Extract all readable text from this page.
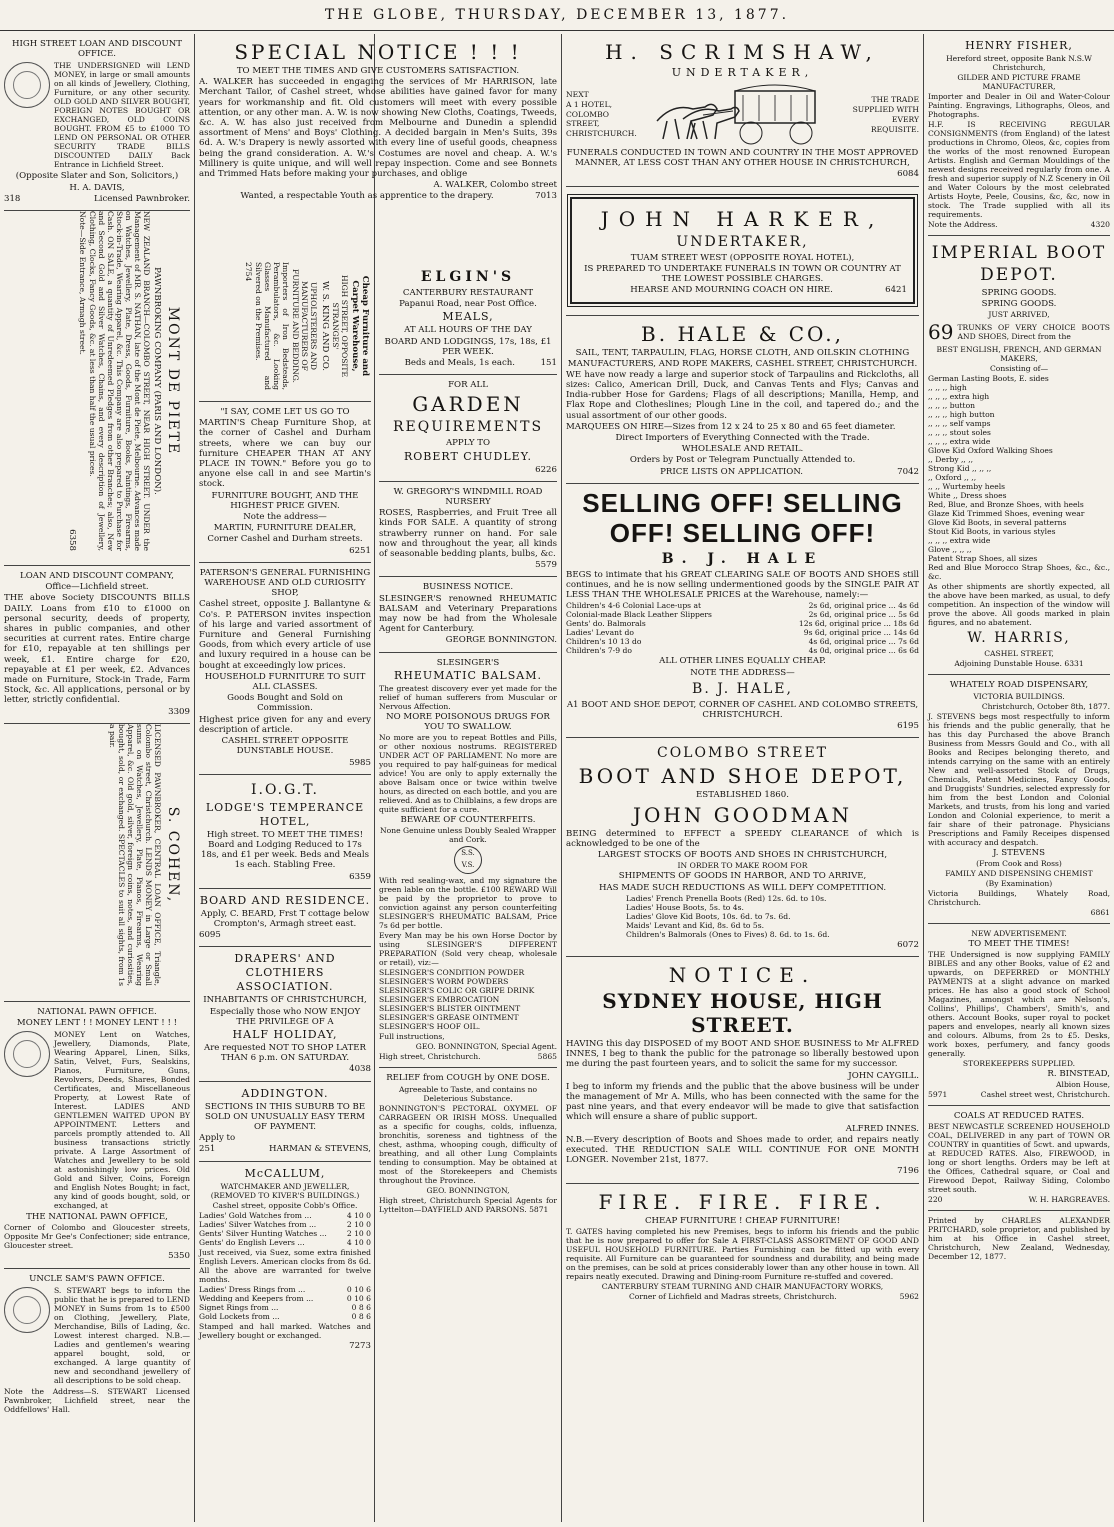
THE GLOBE, THURSDAY, DECEMBER 13, 1877.

HIGH STREET LOAN AND DISCOUNT OFFICE.

THE UNDERSIGNED will LEND MONEY, in large or small amounts on all kinds of Jewellery, Clothing, Furniture, or any other security. OLD GOLD AND SILVER BOUGHT, FOREIGN NOTES BOUGHT OR EXCHANGED, OLD COINS BOUGHT. FROM £5 to £1000 TO LEND ON PERSONAL OR OTHER SECURITY TRADE BILLS DISCOUNTED DAILY Back Entrance in Lichfield Street.

(Opposite Slater and Son, Solicitors,)

H. A. DAVIS,

318	Licensed Pawnbroker.

MONT DE PIETE

PAWNBROKING COMPANY (PARIS AND LONDON).

NEW ZEALAND BRANCH—COLOMBO STREET, NEAR HIGH STREET. UNDER the Management of MR. S. NATHAN, late of the Mont de Piete, Melbourne. Advances made on Watches, Jewellery, Plate, Dress, Goods, Furniture, Books, Paintings, Firearms, Stock-in-Trade, Wearing Apparel, &c. This Company are also prepared to Purchase for Cash. ON SALE, a quantity of Unredeemed Pledges from other Branches; also, New and Second Gold and Silver Watches, Chains, and every description of Jewellery, Clothing, Clocks, Fancy Goods, &c. at less than half the usual prices.

Note—Side Entrance, Armagh street.

6358

LOAN AND DISCOUNT COMPANY,

Office—Lichfield street.

THE above Society DISCOUNTS BILLS DAILY. Loans from £10 to £1000 on personal security, deeds of property, shares in public companies, and other securities at current rates. Entire charge for £10, repayable at ten shillings per week, £1. Entire charge for £20, repayable at £1 per week, £2. Advances made on Furniture, Stock-in Trade, Farm Stock, &c. All applications, personal or by letter, strictly confidential.

3309

S. COHEN,

LICENSED PAWNBROKER, CENTRAL LOAN OFFICE, Triangle, Colombo street, Christchurch. LENDS MONEY in Large or Small sums on Watches, Jewellery, Plate, Pianos, Firearms, Wearing Apparel, &c. Old gold, silver, foreign coins, notes, and curiosities, bought, sold, or exchanged. SPECTACLES to suit all sights, from 1s a pair.

NATIONAL PAWN OFFICE.

MONEY LENT ! ! MONEY LENT ! ! !

MONEY Lent on Watches, Jewellery, Diamonds, Plate, Wearing Apparel, Linen, Silks, Satin, Velvet, Furs, Sealskins, Pianos, Furniture, Guns, Revolvers, Deeds, Shares, Bonded Certificates, and Miscellaneous Property, at Lowest Rate of Interest. LADIES AND GENTLEMEN WAITED UPON BY APPOINTMENT. Letters and parcels promptly attended to. All business transactions strictly private. A Large Assortment of Watches and Jewellery to be sold at astonishingly low prices. Old Gold and Silver, Coins, Foreign and English Notes Bought; in fact, any kind of goods bought, sold, or exchanged, at

THE NATIONAL PAWN OFFICE,

Corner of Colombo and Gloucester streets, Opposite Mr Gee's Confectioner; side entrance, Gloucester street.

5350

UNCLE SAM'S PAWN OFFICE.

S. STEWART begs to inform the public that he is prepared to LEND MONEY in Sums from 1s to £500 on Clothing, Jewellery, Plate, Merchandise, Bills of Lading, &c. Lowest interest charged. N.B.—Ladies and gentlemen's wearing apparel bought, sold, or exchanged. A large quantity of new and secondhand jewellery of all descriptions to be sold cheap.

Note the Address—S. STEWART Licensed Pawnbroker, Lichfield street, near the Oddfellows' Hall.

SPECIAL NOTICE ! ! !

TO MEET THE TIMES AND GIVE CUSTOMERS SATISFACTION.

A. WALKER has succeeded in engaging the services of Mr HARRISON, late Merchant Tailor, of Cashel street, whose abilities have gained favor for many years for workmanship and fit. Old customers will meet with every possible attention, or any other man. A. W. is now showing New Cloths, Coatings, Tweeds, &c. A. W. has also just received from Melbourne and Dunedin a splendid assortment of Mens' and Boys' Clothing. A decided bargain in Men's Suits, 39s 6d. A. W.'s Drapery is newly assorted with every line of useful goods, cheapness being the grand consideration. A. W.'s Costumes are novel and cheap. A. W.'s Millinery is quite unique, and will well repay inspection. Come and see Bonnets and Trimmed Hats before making your purchases, and oblige

A. WALKER, Colombo street

Wanted, a respectable Youth as apprentice to the drapery.	7013

Cheap Furniture and Carpet Warehouse,

HIGH STREET, OPPOSITE STRANGES'

W. S. KING AND CO.

UPHOLSTERERS AND MANUFACTURERS OF FURNITURE AND BEDDING.

Importers of Iron Bedsteads, Perambulators, &c. Looking Glasses Manufactured and Silvered on the Premises.

2754

"I SAY, COME LET US GO TO

MARTIN'S Cheap Furniture Shop, at the corner of Cashel and Durham streets, where we can buy our furniture CHEAPER THAN AT ANY PLACE IN TOWN." Before you go to anyone else call in and see Martin's stock.

FURNITURE BOUGHT, AND THE HIGHEST PRICE GIVEN.

Note the address—

MARTIN, FURNITURE DEALER,

Corner Cashel and Durham streets.

6251

PATERSON'S GENERAL FURNISHING WAREHOUSE AND OLD CURIOSITY SHOP,

Cashel street, opposite J. Ballantyne & Co's. P. PATERSON invites inspection of his large and varied assortment of Furniture and General Furnishing Goods, from which every article of use and luxury required in a house can be bought at exceedingly low prices.

HOUSEHOLD FURNITURE TO SUIT ALL CLASSES.

Goods Bought and Sold on Commission.

Highest price given for any and every description of article.

CASHEL STREET OPPOSITE DUNSTABLE HOUSE.

5985

I.O.G.T.
LODGE'S TEMPERANCE HOTEL,

High street. TO MEET THE TIMES! Board and Lodging Reduced to 17s 18s, and £1 per week. Beds and Meals 1s each. Stabling Free.

6359

BOARD AND RESIDENCE.

Apply, C. BEARD, Frst T cottage below Crompton's, Armagh street east.

6095

DRAPERS' AND CLOTHIERS ASSOCIATION.

INHABITANTS OF CHRISTCHURCH,

Especially those who NOW ENJOY THE PRIVILEGE OF A

HALF HOLIDAY,

Are requested NOT TO SHOP LATER THAN 6 p.m. ON SATURDAY.

4038

ADDINGTON.

SECTIONS IN THIS SUBURB TO BE SOLD ON UNUSUALLY EASY TERM OF PAYMENT.

Apply to

251	HARMAN & STEVENS,

McCALLUM,

WATCHMAKER AND JEWELLER, (REMOVED TO KIVER'S BUILDINGS.)

Cashel street, opposite Cobb's Office.

Ladies' Gold Watches from ...	4 10 0

Ladies' Silver Watches from ...	2 10 0

Gents' Silver Hunting Watches ...	2 10 0

Gents' do English Levers ...	4 10 0

Just received, via Suez, some extra finished English Levers. American clocks from 8s 6d. All the above are warranted for twelve months.

Ladies' Dress Rings from ...	0 10 6

Wedding and Keepers from ...	0 10 6

Signet Rings from ...	0 8 6

Gold Lockets from ...	0 8 6

Stamped and hall marked. Watches and Jewellery bought or exchanged.

7273

ELGIN'S

CANTERBURY RESTAURANT

Papanui Road, near Post Office.

MEALS,

AT ALL HOURS OF THE DAY

BOARD AND LODGINGS, 17s, 18s, £1 PER WEEK.

Beds and Meals, 1s each.	151

FOR ALL

GARDEN
REQUIREMENTS

APPLY TO

ROBERT CHUDLEY.

6226

W. GREGORY'S WINDMILL ROAD NURSERY

ROSES, Raspberries, and Fruit Tree all kinds FOR SALE. A quantity of strong strawberry runner on hand. For sale now and throughout the year, all kinds of seasonable bedding plants, bulbs, &c.

5579

BUSINESS NOTICE.

SLESINGER'S renowned RHEUMATIC BALSAM and Veterinary Preparations may now be had from the Wholesale Agent for Canterbury.

GEORGE BONNINGTON.

SLESINGER'S

RHEUMATIC BALSAM.

The greatest discovery ever yet made for the relief of human sufferers from Muscular or Nervous Affection.

NO MORE POISONOUS DRUGS FOR YOU TO SWALLOW.

No more are you to repeat Bottles and Pills, or other noxious nostrums. REGISTERED UNDER ACT OF PARLIAMENT. No more are you required to pay half-guineas for medical advice! You are only to apply externally the above Balsam once or twice within twelve hours, as directed on each bottle, and you are relieved. And as to Chilblains, a few drops are quite sufficient for a cure.

BEWARE OF COUNTERFEITS.

None Genuine unless Doubly Sealed Wrapper and Cork.

S.S. V.S.

With red sealing-wax, and my signature the green lable on the bottle. £100 REWARD Will be paid by the proprietor to prove to conviction against any person counterfeiting SLESINGER'S RHEUMATIC BALSAM, Price 7s 6d per bottle.

Every Man may be his own Horse Doctor by using SLESINGER'S DIFFERENT PREPARATION (Sold very cheap, wholesale or retail), viz:—

SLESINGER'S CONDITION POWDER

SLESINGER'S WORM POWDERS

SLESINGER'S COLIC OR GRIPE DRINK

SLESINGER'S EMBROCATION

SLESINGER'S BLISTER OINTMENT

SLESINGER'S GREASE OINTMENT

SLESINGER'S HOOF OIL.

Full instructions,

GEO. BONNINGTON, Special Agent.

High street, Christchurch.	5865

RELIEF from COUGH by ONE DOSE.

Agreeable to Taste, and contains no Deleterious Substance.

BONNINGTON'S PECTORAL OXYMEL OF CARRAGEEN OR IRISH MOSS. Unequalled as a specific for coughs, colds, influenza, bronchitis, soreness and tightness of the chest, asthma, whooping cough, difficulty of breathing, and all other Lung Complaints tending to consumption. May be obtained at most of the Storekeepers and Chemists throughout the Province.

GEO. BONNINGTON,

High street, Christchurch Special Agents for Lyttelton—DAYFIELD AND PARSONS. 5871

H. SCRIMSHAW,
UNDERTAKER,

NEXT

A 1 HOTEL,

COLOMBO STREET,

CHRISTCHURCH.

THE TRADE

SUPPLIED WITH

EVERY

REQUISITE.

FUNERALS CONDUCTED IN TOWN AND COUNTRY IN THE MOST APPROVED MANNER, AT LESS COST THAN ANY OTHER HOUSE IN CHRISTCHURCH,

6084

JOHN HARKER,
UNDERTAKER,

TUAM STREET WEST (OPPOSITE ROYAL HOTEL),

IS PREPARED TO UNDERTAKE FUNERALS IN TOWN OR COUNTRY AT THE LOWEST POSSIBLE CHARGES.

HEARSE AND MOURNING COACH ON HIRE.	6421

B. HALE & CO.,

SAIL, TENT, TARPAULIN, FLAG, HORSE CLOTH, AND OILSKIN CLOTHING MANUFACTURERS, AND ROPE MAKERS, CASHEL STREET, CHRISTCHURCH.

WE have now ready a large and superior stock of Tarpaulins and Rickcloths, all sizes: Calico, American Drill, Duck, and Canvas Tents and Flys; Canvas and India-rubber Hose for Gardens; Flags of all descriptions; Manilla, Hemp, and Flax Rope and Clotheslines; Plough Line in the coil, and tapered do.; and the usual assortment of our other goods.

MARQUEES ON HIRE—Sizes from 12 x 24 to 25 x 80 and 65 feet diameter.

Direct Importers of Everything Connected with the Trade.

WHOLESALE AND RETAIL.

Orders by Post or Telegram Punctually Attended to.

PRICE LISTS ON APPLICATION.	7042

SELLING OFF! SELLING OFF! SELLING OFF!
B. J. HALE

BEGS to intimate that his GREAT CLEARING SALE OF BOOTS AND SHOES still continues, and he is now selling undermentioned goods by the SINGLE PAIR AT LESS THAN THE WHOLESALE PRICES at the Warehouse, namely:—

Children's 4-6 Colonial Lace-ups at	2s 6d, original price ... 4s 6d

Colonial-made Black Leather Slippers	2s 6d, original price ... 5s 6d

Gents' do. Balmorals	12s 6d, original price ... 18s 6d

Ladies' Levant do	9s 6d, original price ... 14s 6d

Children's 10 13 do	4s 6d, original price ... 7s 6d

Children's 7-9 do	4s 0d, original price ... 6s 6d

ALL OTHER LINES EQUALLY CHEAP.

NOTE THE ADDRESS—

B. J. HALE,

A1 BOOT AND SHOE DEPOT, CORNER OF CASHEL AND COLOMBO STREETS, CHRISTCHURCH.

6195

COLOMBO STREET
BOOT AND SHOE DEPOT,

ESTABLISHED 1860.

JOHN GOODMAN

BEING determined to EFFECT a SPEEDY CLEARANCE of which is acknowledged to be one of the

LARGEST STOCKS OF BOOTS AND SHOES IN CHRISTCHURCH,

IN ORDER TO MAKE ROOM FOR

SHIPMENTS OF GOODS IN HARBOR, AND TO ARRIVE,

HAS MADE SUCH REDUCTIONS AS WILL DEFY COMPETITION.

Ladies' French Prenella Boots (Red) 12s. 6d. to 10s.

Ladies' House Boots, 5s. to 4s.

Ladies' Glove Kid Boots, 10s. 6d. to 7s. 6d.

Maids' Levant and Kid, 8s. 6d to 5s.

Children's Balmorals (Ones to Fives) 8. 6d. to 1s. 6d.

6072

NOTICE.
SYDNEY HOUSE, HIGH STREET.

HAVING this day DISPOSED of my BOOT AND SHOE BUSINESS to Mr ALFRED INNES, I beg to thank the public for the patronage so liberally bestowed upon me during the past fourteen years, and to solicit the same for my successor.

JOHN CAYGILL.

I beg to inform my friends and the public that the above business will be under the management of Mr A. Mills, who has been connected with the same for the past nine years, and that every endeavor will be made to give that satisfaction which will ensure a share of public support.

ALFRED INNES.

N.B.—Every description of Boots and Shoes made to order, and repairs neatly executed. THE REDUCTION SALE WILL CONTINUE FOR ONE MONTH LONGER. November 21st, 1877.

7196

FIRE. FIRE. FIRE.

CHEAP FURNITURE ! CHEAP FURNITURE!

T. GATES having completed his new Premises, begs to inform his friends and the public that he is now prepared to offer for Sale A FIRST-CLASS ASSORTMENT OF GOOD AND USEFUL HOUSEHOLD FURNITURE. Parties Furnishing can be fitted up with every requisite. All Furniture can be guaranteed for soundness and durability, and being made on the premises, can be sold at prices considerably lower than any other house in town. All repairs neatly executed. Drawing and Dining-room Furniture re-stuffed and covered.

CANTERBURY STEAM TURNING AND CHAIR MANUFACTORY WORKS,

Corner of Lichfield and Madras streets, Christchurch.	5962

HENRY FISHER,

Hereford street, opposite Bank N.S.W Christchurch,

GILDER AND PICTURE FRAME MANUFACTURER,

Importer and Dealer in Oil and Water-Colour Painting. Engravings, Lithographs, Oleos, and Photographs.

H.F. IS RECEIVING REGULAR CONSIGNMENTS (from England) of the latest productions in Chromo, Oleos, &c, copies from the works of the most renowned European Artists. English and German Mouldings of the newest designs received regularly from one. A fresh and superior supply of N.Z Scenery in Oil and Water Colours by the most celebrated Artists Hoyte, Peele, Cousins, &c, &c, now in stock. The Trade supplied with all its requirements.

Note the Address.	4320

IMPERIAL BOOT DEPOT.

SPRING GOODS.

SPRING GOODS.

JUST ARRIVED,

69 TRUNKS OF VERY CHOICE BOOTS AND SHOES, Direct from the

BEST ENGLISH, FRENCH, AND GERMAN MAKERS,

Consisting of—

German Lasting Boots, E. sides

,, ,, ,, high

,, ,, ,, extra high

,, ,, ,, button

,, ,, ,, high button

,, ,, ,, self vamps

,, ,, ,, stout soles

,, ,, ,, extra wide

Glove Kid Oxford Walking Shoes

,, Derby ,, ,,

Strong Kid ,, ,, ,,

,, Oxford ,, ,,

,, ,, Wurtemby heels

White ,, Dress shoes

Red, Blue, and Bronze Shoes, with heels

Glaze Kid Trimmed Shoes, evening wear

Glove Kid Boots, in several patterns

Stout Kid Boots, in various styles

,, ,, ,, extra wide

Glove ,, ,, ,,

Patent Strap Shoes, all sizes

Red and Blue Morocco Strap Shoes, &c., &c., &c.

As other shipments are shortly expected, all the above have been marked, as usual, to defy competition. An inspection of the window will prove the above. All goods marked in plain figures, and no abatement.

W. HARRIS,

CASHEL STREET,

Adjoining Dunstable House. 6331

WHATELY ROAD DISPENSARY,

VICTORIA BUILDINGS.

Christchurch, October 8th, 1877.

J. STEVENS begs most respectfully to inform his friends and the public generally, that he has this day Purchased the above Branch Business from Messrs Gould and Co., with all Books and Recipes belonging thereto, and intends carrying on the same with an entirely New and well-assorted Stock of Drugs, Chemicals, Patent Medicines, Fancy Goods, and Druggists' Sundries, selected expressly for him from the best London and Colonial Markets, and trusts, from his long and varied London and Colonial experience, to merit a fair share of their patronage. Physicians Prescriptions and Family Receipes dispensed with accuracy and despatch.

J. STEVENS

(From Cook and Ross)

FAMILY AND DISPENSING CHEMIST

(By Examination)

Victoria Buildings, Whately Road, Christchurch.

6861

NEW ADVERTISEMENT.

TO MEET THE TIMES!

THE Undersigned is now supplying FAMILY BIBLES and any other Books, value of £2 and upwards, on DEFERRED or MONTHLY PAYMENTS at a slight advance on marked prices. He has also a good stock of School Magazines, amongst which are Nelson's, Collins', Phillips', Chambers', Smith's, and others. Account Books, super royal to pocket papers and envelopes, nearly all known sizes and colours. Albums, from 2s to £5. Desks, work boxes, perfumery, and fancy goods generally.

STOREKEEPERS SUPPLIED.

R. BINSTEAD,

Albion House,

5971	Cashel street west, Christchurch.

COALS AT REDUCED RATES.

BEST NEWCASTLE SCREENED HOUSEHOLD COAL, DELIVERED in any part of TOWN OR COUNTRY in quantities of 5cwt. and upwards, at REDUCED RATES. Also, FIREWOOD, in long or short lengths. Orders may be left at the Offices, Cathedral square, or Coal and Firewood Depot, Railway Siding, Colombo street south.

220	W. H. HARGREAVES.

Printed by CHARLES ALEXANDER PRITCHARD, sole proprietor, and published by him at his Office in Cashel street, Christchurch, New Zealand, Wednesday, December 12, 1877.
